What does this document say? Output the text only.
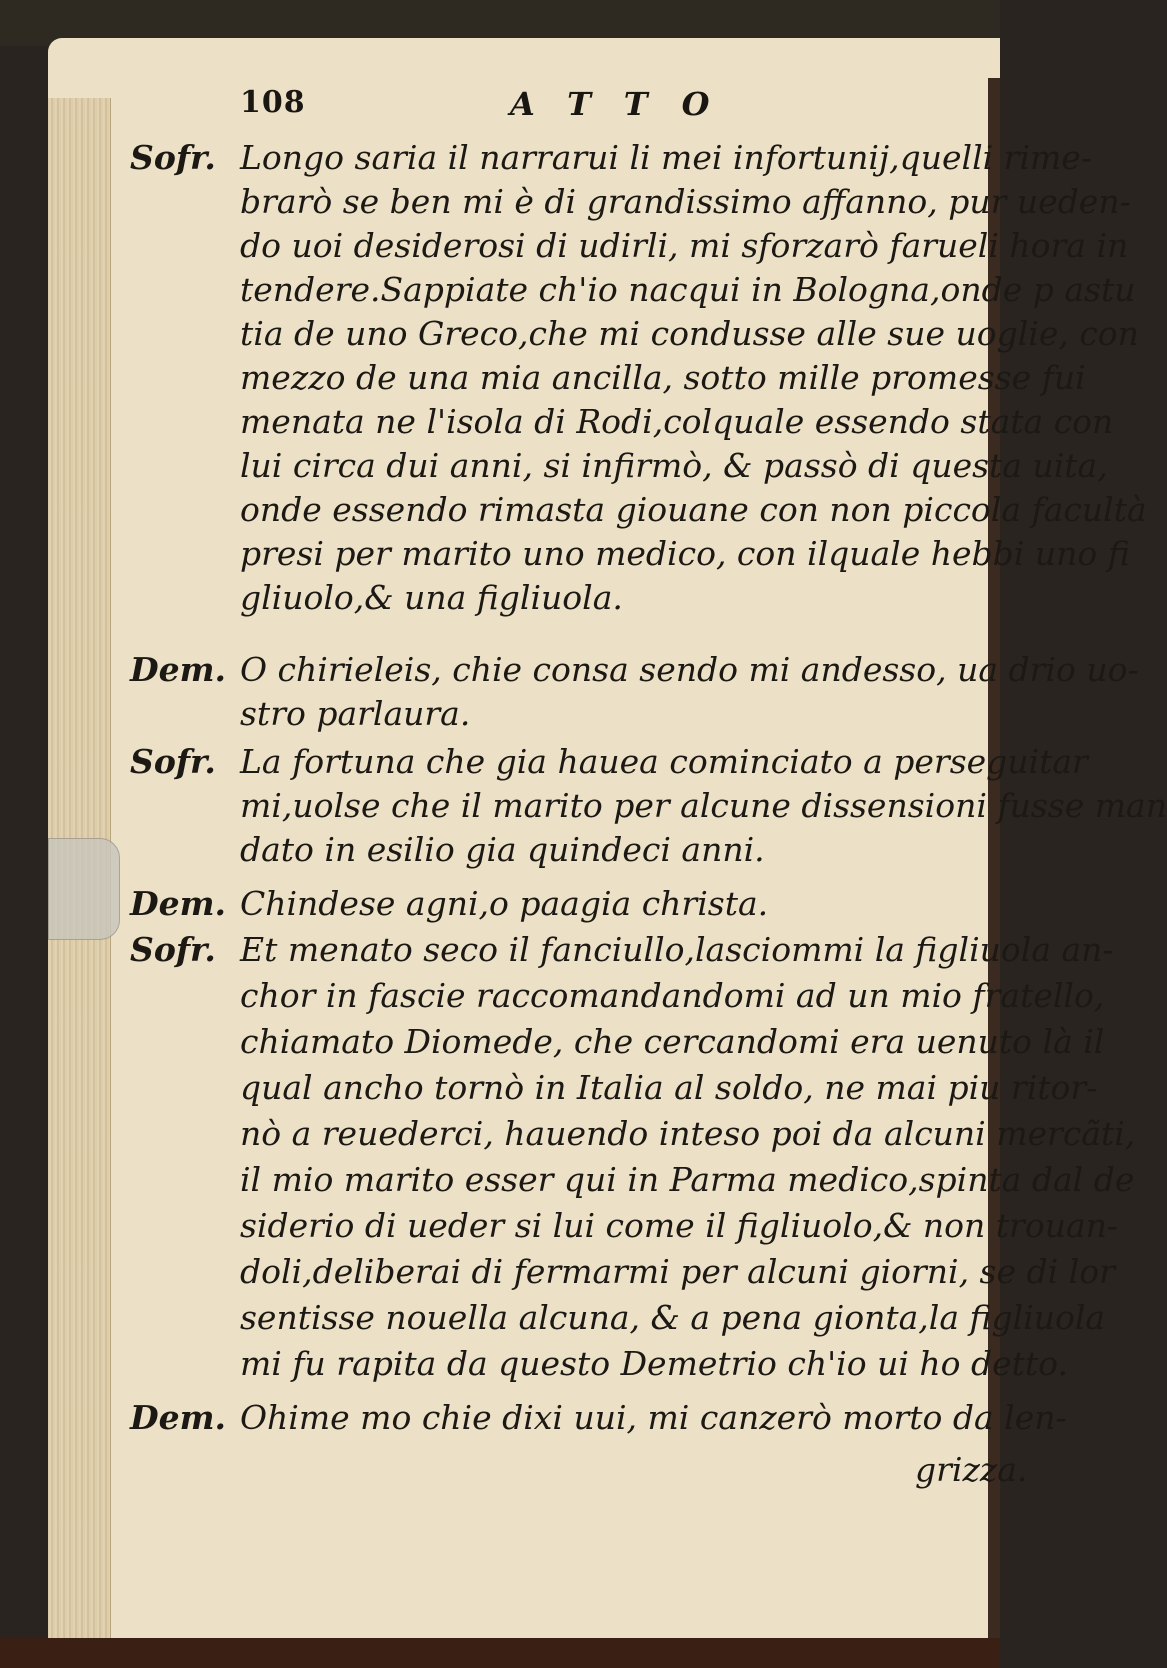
108	ATTO
Sofr. Longo saria il narrarui li mei infortunij,quelli rime-
brarò se ben mi è di grandissimo affanno, pur ueden-
do uoi desiderosi di udirli, mi sforzarò farueli hora in
tendere.Sappiate ch'io nacqui in Bologna,onde p astu
tia de uno Greco,che mi condusse alle sue uoglie, con
mezzo de una mia ancilla, sotto mille promesse fui
menata ne l'isola di Rodi,colquale essendo stata con
lui circa dui anni, si infirmò, & passò di questa uita,
onde essendo rimasta giouane con non piccola facultà
presi per marito uno medico, con ilquale hebbi uno fi
gliuolo,& una figliuola.
Dem. O chirieleis, chie consa sendo mi andesso, ua drio uo-
stro parlaura.
Sofr. La fortuna che gia hauea cominciato a perseguitar
mi,uolse che il marito per alcune dissensioni fusse man
dato in esilio gia quindeci anni.
Dem. Chindese agni,o paagia christa.
Sofr. Et menato seco il fanciullo,lasciommi la figliuola an-
chor in fascie raccomandandomi ad un mio fratello,
chiamato Diomede, che cercandomi era uenuto là il
qual ancho tornò in Italia al soldo, ne mai piu ritor-
nò a reuederci, hauendo inteso poi da alcuni mercãti,
il mio marito esser qui in Parma medico,spinta dal de
siderio di ueder si lui come il figliuolo,& non trouan-
doli,deliberai di fermarmi per alcuni giorni, se di lor
sentisse nouella alcuna, & a pena gionta,la figliuola
mi fu rapita da questo Demetrio ch'io ui ho detto.
Dem. Ohime mo chie dixi uui, mi canzerò morto da len-
grizza.
